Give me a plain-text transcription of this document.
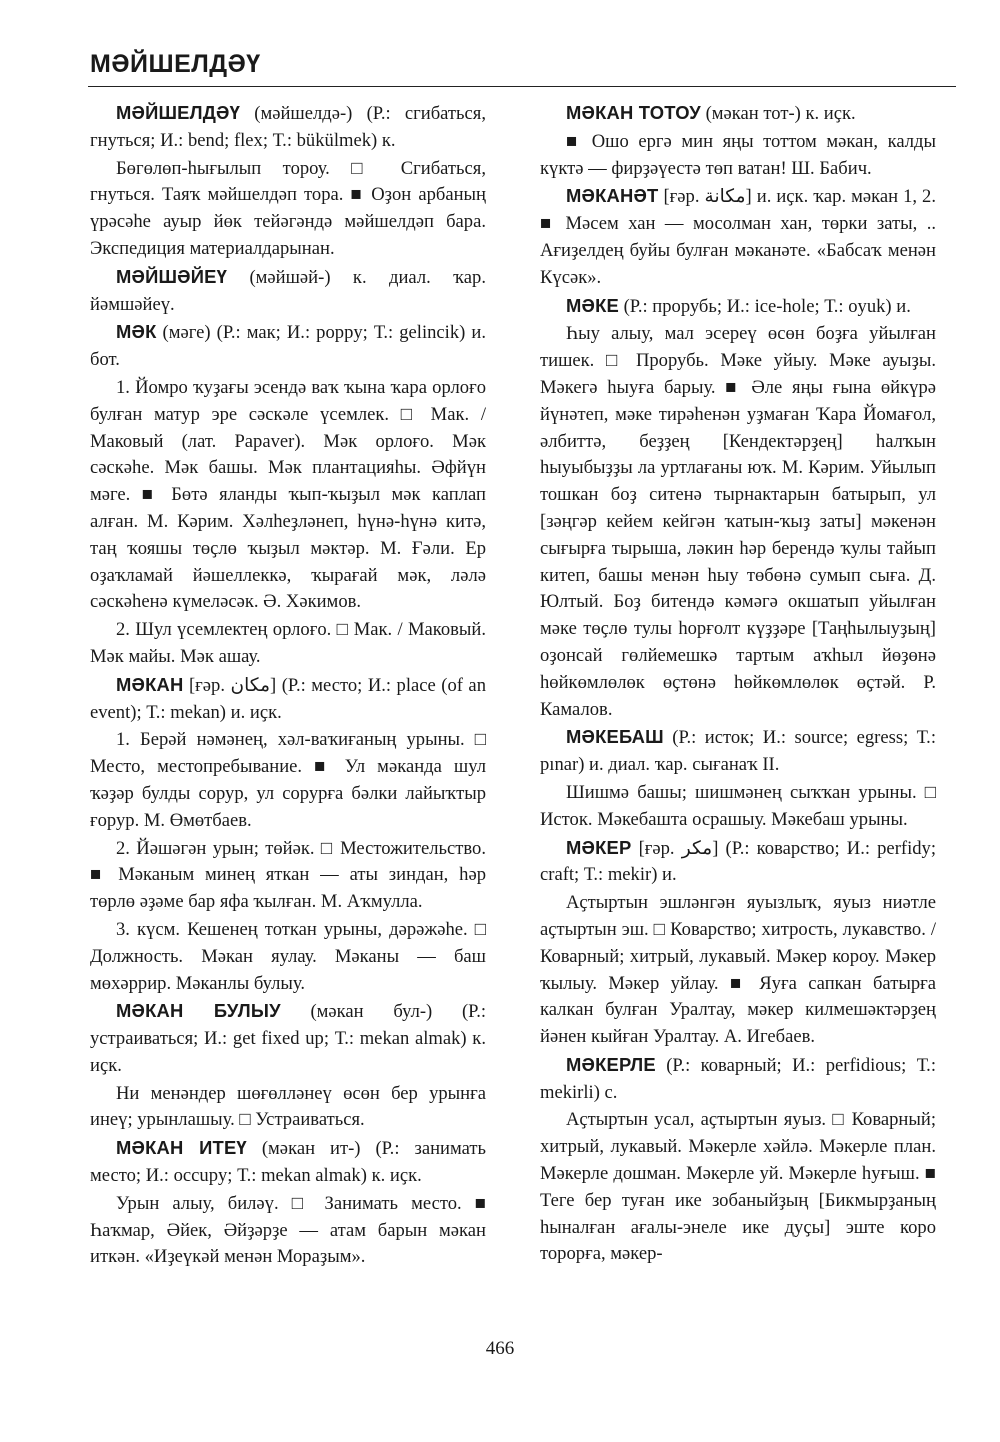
МӘЙШЕЛДӘҮ

МӘЙШЕЛДӘҮ (мәйшелдә-) (Р.: сгибаться, гнуться; И.: bend; flex; Т.: bükülmek) к.

Бөгөлөп-һығылып тороу. □ Сгибаться, гнуться. Таяҡ мәйшелдәп тора. ■ Оҙон арбаның үрәсәһе ауыр йөк тейәгәндә мәйшелдәп бара. Экспедиция материалдарынан.

МӘЙШӘЙЕҮ (мәйшәй-) к. диал. ҡар. йәмшәйеү.

МӘК (мәге) (Р.: мак; И.: poppy; Т.: gelincik) и. бот.

1. Йомро ҡуҙағы эсендә ваҡ ҡына ҡара орлоғо булған матур эре сәскәле үсемлек. □ Мак. / Маковый (лат. Papaver). Мәк орлоғо. Мәк сәскәһе. Мәк башы. Мәк плантацияһы. Әфйүн мәге. ■ Бөтә яланды ҡып-ҡыҙыл мәк каплап алған. М. Кәрим. Хәлһеҙләнеп, һүнә-һүнә китә, таң ҡояшы төҫлө ҡыҙыл мәктәр. М. Ғәли. Ер оҙаҡламай йәшеллеккә, ҡырағай мәк, ләлә сәскәһенә күмеләсәк. Ә. Хәкимов.

2. Шул үсемлектең орлоғо. □ Мак. / Маковый. Мәк майы. Мәк ашау.

МӘКАН [ғәр. مكان] (Р.: место; И.: place (of an event); Т.: mekan) и. иҫк.

1. Берәй нәмәнең, хәл-ваҡиғаның урыны. □ Место, местопребывание. ■ Ул мәканда шул ҡәҙәр булды сорур, ул сорурға бәлки лайыҡтыр ғорур. М. Өмөтбаев.

2. Йәшәгән урын; төйәк. □ Местожительство. ■ Мәканым минең яткан — аты зиндан, һәр төрлө әҙәме бар яфа ҡылған. М. Аҡмулла.

3. күсм. Кешенең тоткан урыны, дәрәжәһе. □ Должность. Мәкан яулау. Мәканы — баш мөхәррир. Мәканлы булыу.

МӘКАН БУЛЫУ (мәкан бул-) (Р.: устраиваться; И.: get fixed up; Т.: mekan almak) к. иҫк.

Ни менәндер шөғөлләнеү өсөн бер урынға инеү; урынлашыу. □ Устраиваться.

МӘКАН ИТЕҮ (мәкан ит-) (Р.: занимать место; И.: occupy; Т.: mekan almak) к. иҫк.

Урын алыу, биләү. □ Занимать место. ■ Һаҡмар, Әйек, Әйҙәрҙе — атам барын мәкан иткән. «Иҙеүкәй менән Мораҙым».

МӘКАН ТОТОУ (мәкан тот-) к. иҫк.

■ Ошо ергә мин яңы тоттом мәкан, калды күктә — фирҙәүестә төп ватан! Ш. Бабич.

МӘКАНӘТ [ғәр. مكانة] и. иҫк. ҡар. мәкан 1, 2. ■ Мәсем хан — мосолман хан, төрки заты, .. Ағиҙелдең буйы булған мәканәте. «Бабсаҡ менән Күсәк».

МӘКЕ (Р.: прорубь; И.: ice-hole; Т.: oyuk) и.

Һыу алыу, мал эсереү өсөн боҙға уйылған тишек. □ Прорубь. Мәке уйыу. Мәке ауыҙы. Мәкегә һыуға барыу. ■ Әле яңы ғына өйкүрә йүнәтеп, мәке тирәһенән уҙмаған Ҡара Йомағол, әлбиттә, беҙҙең [Кендектәрҙең] һалҡын һыуыбыҙҙы ла уртлағаны юҡ. М. Кәрим. Уйылып тошкан боҙ ситенә тырнактарын батырып, ул [зәңгәр кейем кейгән ҡатын-ҡыҙ заты] мәкенән сығырға тырыша, ләкин һәр берендә ҡулы тайып китеп, башы менән һыу төбөнә сумып сыға. Д. Юлтый. Боҙ битендә кәмәгә окшатып уйылған мәке төҫлө тулы һорғолт күҙҙәре [Таңһылыуҙың] оҙонсай гөлйемешкә тартым аҡһыл йөҙөнә һөйкөмлөлөк өҫтөнә һөйкөмлөлөк өҫтәй. Р. Камалов.

МӘКЕБАШ (Р.: исток; И.: source; egress; Т.: pınar) и. диал. ҡар. сығанаҡ II.

Шишмә башы; шишмәнең сыҡҡан урыны. □ Исток. Мәкебашта осрашыу. Мәкебаш урыны.

МӘКЕР [ғәр. مکر] (Р.: коварство; И.: perfidy; craft; Т.: mekir) и.

Аҫтыртын эшләнгән яуызлыҡ, яуыз ниәтле аҫтыртын эш. □ Коварство; хитрость, лукавство. / Коварный; хитрый, лукавый. Мәкер короу. Мәкер ҡылыу. Мәкер уйлау. ■ Яуға сапкан батырға калкан булған Уралтау, мәкер килмешәктәрҙең йәнен кыйған Уралтау. А. Игебаев.

МӘКЕРЛЕ (Р.: коварный; И.: perfidious; Т.: mekirli) с.

Аҫтыртын усал, аҫтыртын яуыз. □ Коварный; хитрый, лукавый. Мәкерле хәйлә. Мәкерле план. Мәкерле дошман. Мәкерле уй. Мәкерле һуғыш. ■ Теге бер туған ике зобаныйҙың [Бикмырҙаның һыналған ағалы-энеле ике дуҫы] эште коро торорға, мәкер-

466
